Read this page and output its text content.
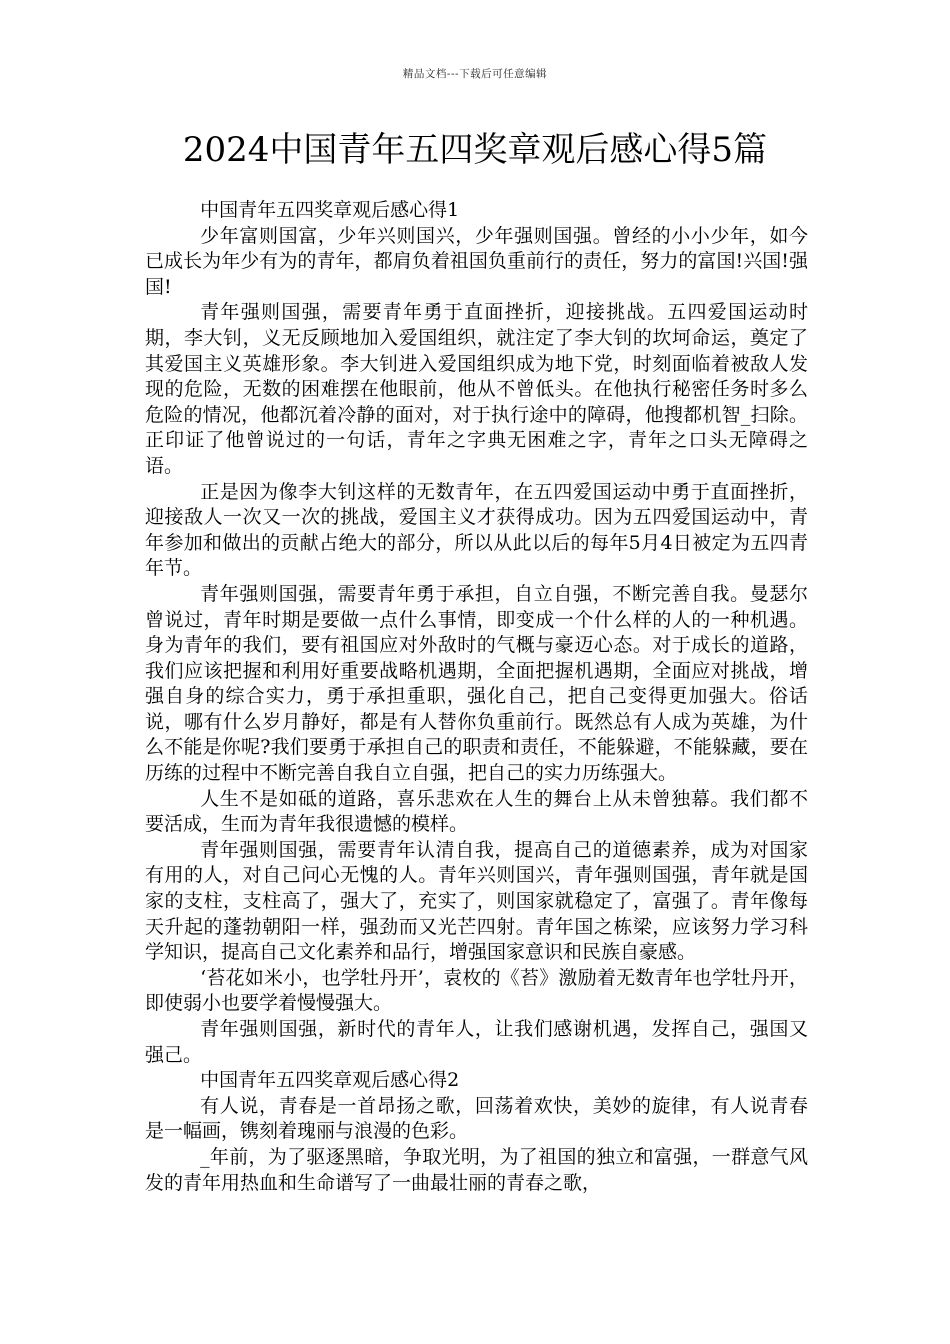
精品文档---下载后可任意编辑
2024中国青年五四奖章观后感心得5篇

中国青年五四奖章观后感心得1

少年富则国富，少年兴则国兴，少年强则国强。曾经的小小少年，如今已成长为年少有为的青年，都肩负着祖国负重前行的责任，努力的富国!兴国!强国!

青年强则国强，需要青年勇于直面挫折，迎接挑战。五四爱国运动时期，李大钊，义无反顾地加入爱国组织，就注定了李大钊的坎坷命运，奠定了其爱国主义英雄形象。李大钊进入爱国组织成为地下党，时刻面临着被敌人发现的危险，无数的困难摆在他眼前，他从不曾低头。在他执行秘密任务时多么危险的情况，他都沉着冷静的面对，对于执行途中的障碍，他搜都机智_扫除。正印证了他曾说过的一句话，青年之字典无困难之字，青年之口头无障碍之语。

正是因为像李大钊这样的无数青年，在五四爱国运动中勇于直面挫折，迎接敌人一次又一次的挑战，爱国主义才获得成功。因为五四爱国运动中，青年参加和做出的贡献占绝大的部分，所以从此以后的每年5月4日被定为五四青年节。

青年强则国强，需要青年勇于承担，自立自强，不断完善自我。曼瑟尔曾说过，青年时期是要做一点什么事情，即变成一个什么样的人的一种机遇。身为青年的我们，要有祖国应对外敌时的气概与豪迈心态。对于成长的道路，我们应该把握和利用好重要战略机遇期，全面把握机遇期，全面应对挑战，增强自身的综合实力，勇于承担重职，强化自己，把自己变得更加强大。俗话说，哪有什么岁月静好，都是有人替你负重前行。既然总有人成为英雄，为什么不能是你呢?我们要勇于承担自己的职责和责任，不能躲避，不能躲藏，要在历练的过程中不断完善自我自立自强，把自己的实力历练强大。

人生不是如砥的道路，喜乐悲欢在人生的舞台上从未曾独幕。我们都不要活成，生而为青年我很遗憾的模样。

青年强则国强，需要青年认清自我，提高自己的道德素养，成为对国家有用的人，对自己问心无愧的人。青年兴则国兴，青年强则国强，青年就是国家的支柱，支柱高了，强大了，充实了，则国家就稳定了，富强了。青年像每天升起的蓬勃朝阳一样，强劲而又光芒四射。青年国之栋梁，应该努力学习科学知识，提高自己文化素养和品行，增强国家意识和民族自豪感。

‘苔花如米小，也学牡丹开’，袁枚的《苔》激励着无数青年也学牡丹开，即使弱小也要学着慢慢强大。

青年强则国强，新时代的青年人，让我们感谢机遇，发挥自己，强国又强己。

中国青年五四奖章观后感心得2

有人说，青春是一首昂扬之歌，回荡着欢快，美妙的旋律，有人说青春是一幅画，镌刻着瑰丽与浪漫的色彩。

_年前，为了驱逐黑暗，争取光明，为了祖国的独立和富强，一群意气风发的青年用热血和生命谱写了一曲最壮丽的青春之歌，
